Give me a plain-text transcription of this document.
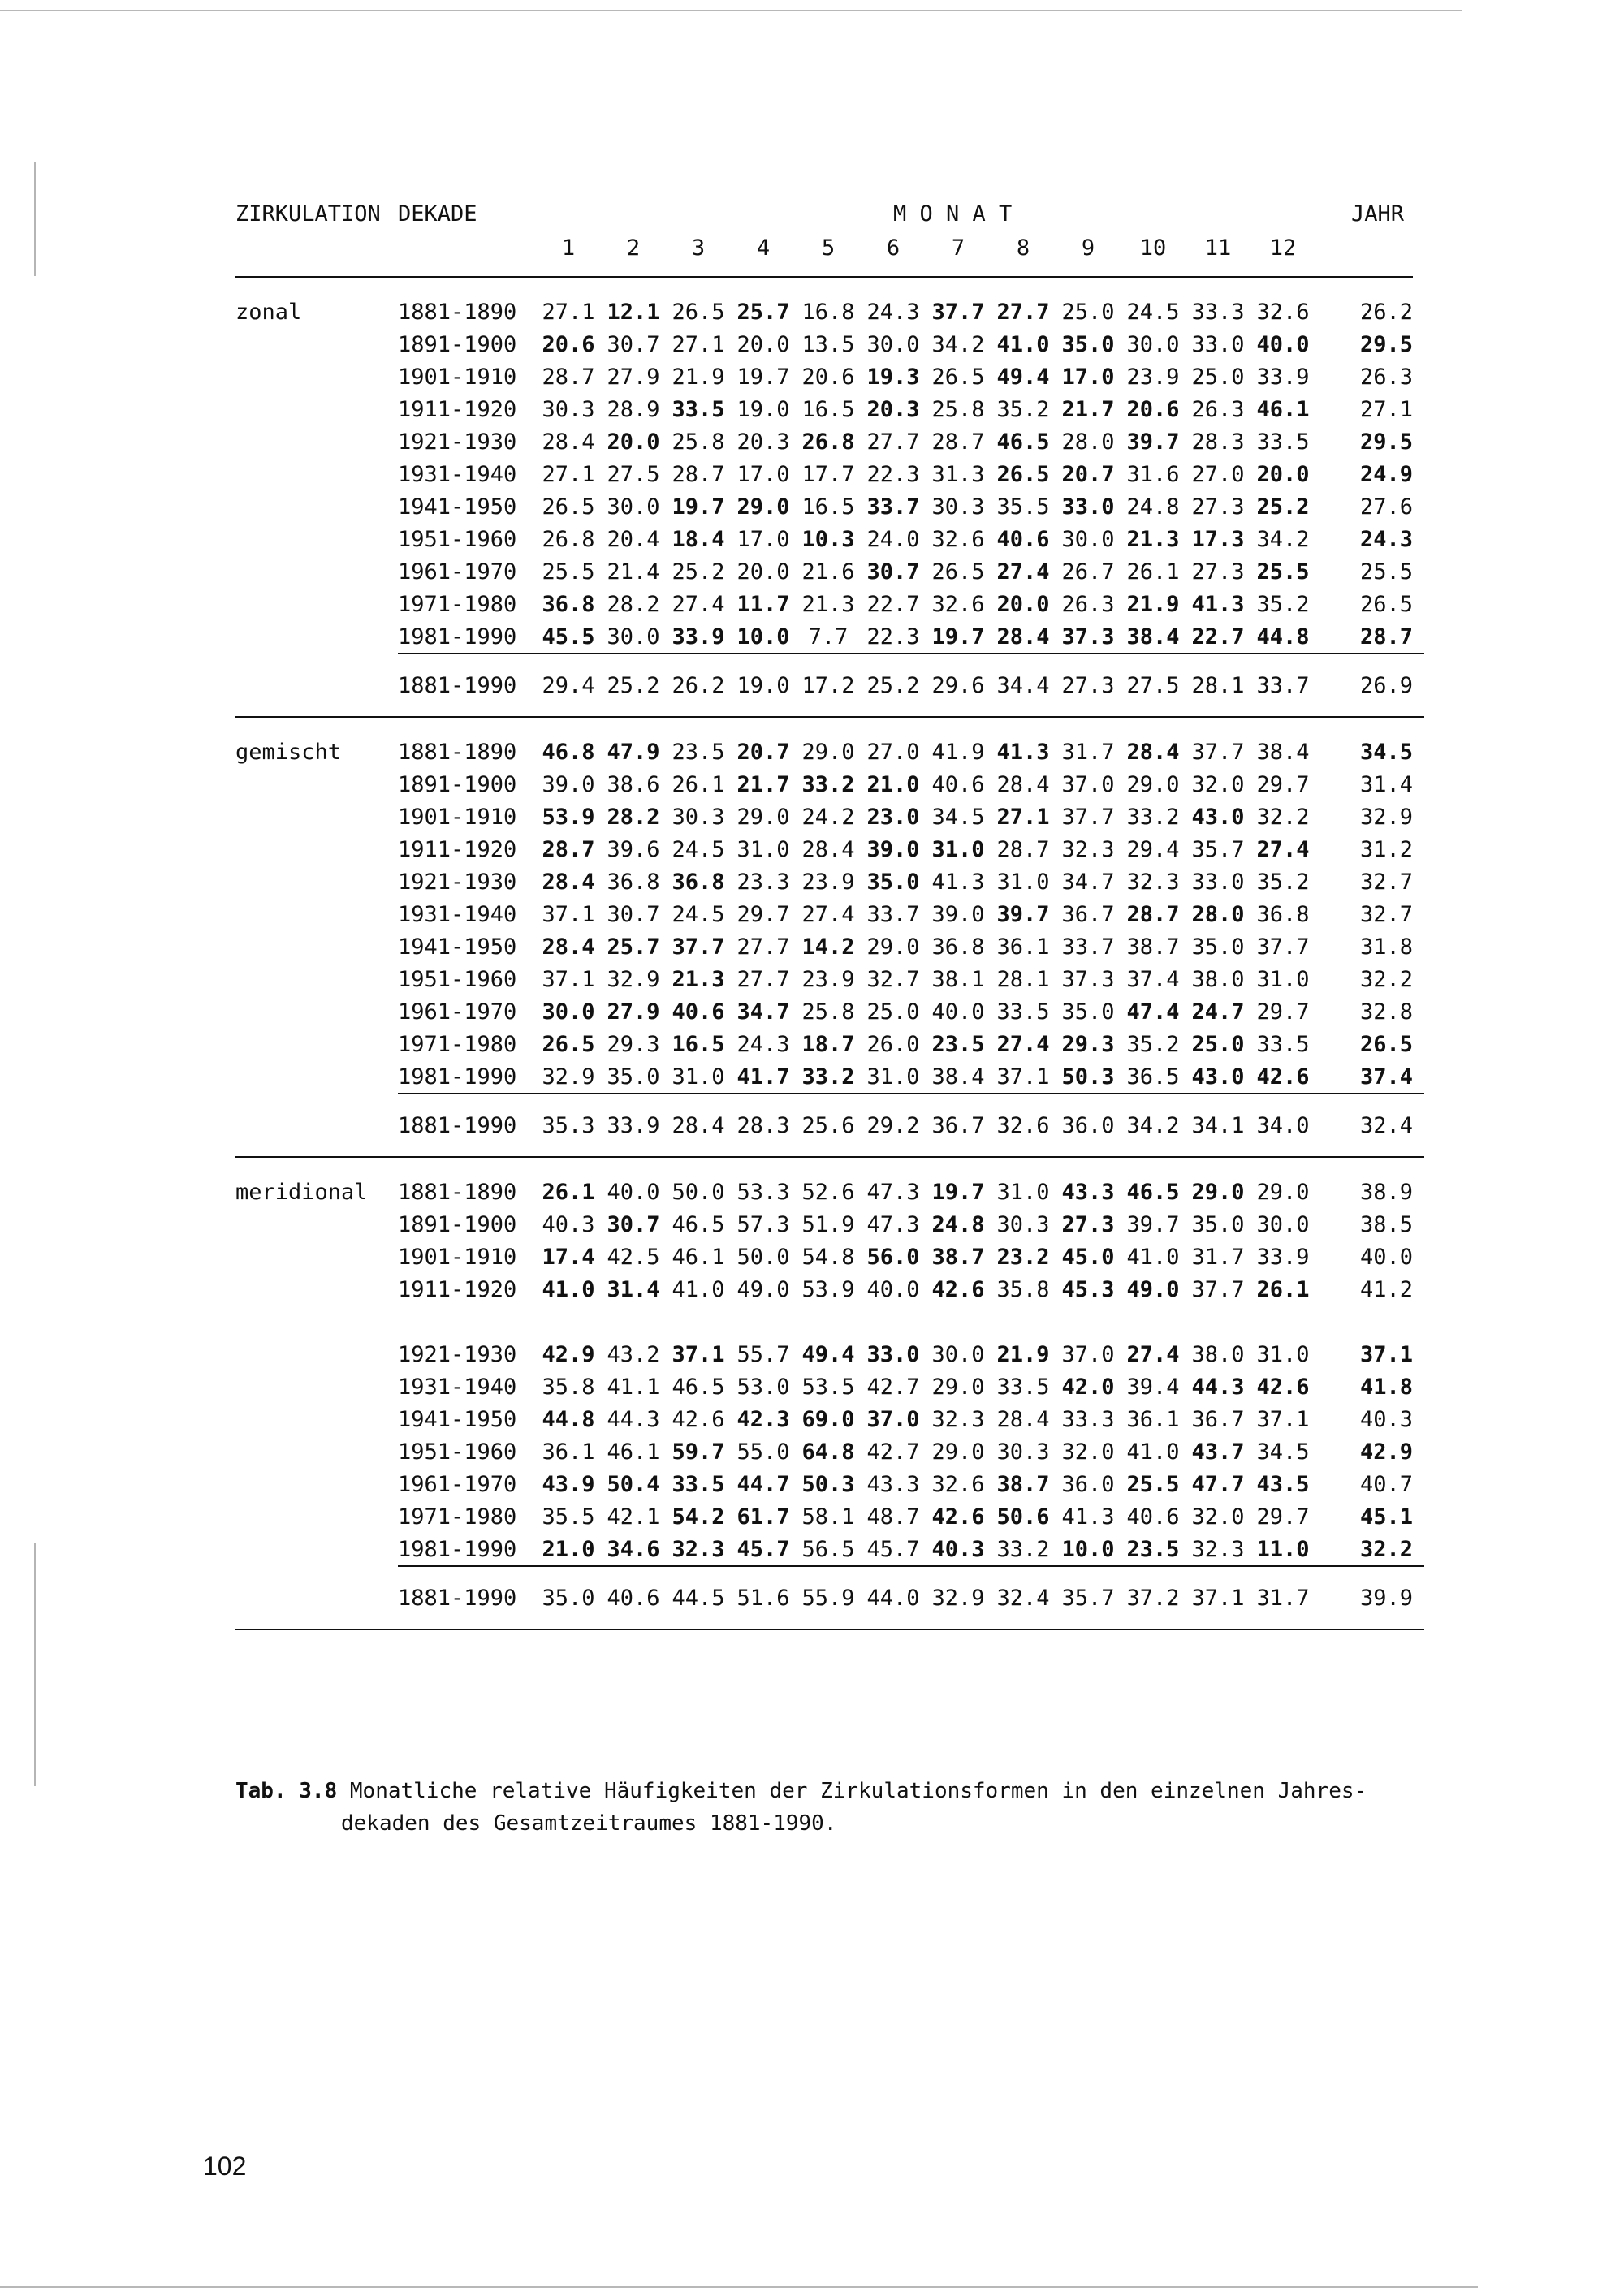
ZIRKULATION DEKADE	M O N A T	JAHR
1	2	3	4	5	6	7	8	9	10	11	12
zonal	1881-1890	27.1	12.1	26.5	25.7	16.8	24.3	37.7	27.7	25.0	24.5	33.3	32.6	26.2
	1891-1900	20.6	30.7	27.1	20.0	13.5	30.0	34.2	41.0	35.0	30.0	33.0	40.0	29.5
	1901-1910	28.7	27.9	21.9	19.7	20.6	19.3	26.5	49.4	17.0	23.9	25.0	33.9	26.3
	1911-1920	30.3	28.9	33.5	19.0	16.5	20.3	25.8	35.2	21.7	20.6	26.3	46.1	27.1
	1921-1930	28.4	20.0	25.8	20.3	26.8	27.7	28.7	46.5	28.0	39.7	28.3	33.5	29.5
	1931-1940	27.1	27.5	28.7	17.0	17.7	22.3	31.3	26.5	20.7	31.6	27.0	20.0	24.9
	1941-1950	26.5	30.0	19.7	29.0	16.5	33.7	30.3	35.5	33.0	24.8	27.3	25.2	27.6
	1951-1960	26.8	20.4	18.4	17.0	10.3	24.0	32.6	40.6	30.0	21.3	17.3	34.2	24.3
	1961-1970	25.5	21.4	25.2	20.0	21.6	30.7	26.5	27.4	26.7	26.1	27.3	25.5	25.5
	1971-1980	36.8	28.2	27.4	11.7	21.3	22.7	32.6	20.0	26.3	21.9	41.3	35.2	26.5
	1981-1990	45.5	30.0	33.9	10.0	7.7	22.3	19.7	28.4	37.3	38.4	22.7	44.8	28.7

	1881-1990	29.4	25.2	26.2	19.0	17.2	25.2	29.6	34.4	27.3	27.5	28.1	33.7	26.9

gemischt	1881-1890	46.8	47.9	23.5	20.7	29.0	27.0	41.9	41.3	31.7	28.4	37.7	38.4	34.5
	1891-1900	39.0	38.6	26.1	21.7	33.2	21.0	40.6	28.4	37.0	29.0	32.0	29.7	31.4
	1901-1910	53.9	28.2	30.3	29.0	24.2	23.0	34.5	27.1	37.7	33.2	43.0	32.2	32.9
	1911-1920	28.7	39.6	24.5	31.0	28.4	39.0	31.0	28.7	32.3	29.4	35.7	27.4	31.2
	1921-1930	28.4	36.8	36.8	23.3	23.9	35.0	41.3	31.0	34.7	32.3	33.0	35.2	32.7
	1931-1940	37.1	30.7	24.5	29.7	27.4	33.7	39.0	39.7	36.7	28.7	28.0	36.8	32.7
	1941-1950	28.4	25.7	37.7	27.7	14.2	29.0	36.8	36.1	33.7	38.7	35.0	37.7	31.8
	1951-1960	37.1	32.9	21.3	27.7	23.9	32.7	38.1	28.1	37.3	37.4	38.0	31.0	32.2
	1961-1970	30.0	27.9	40.6	34.7	25.8	25.0	40.0	33.5	35.0	47.4	24.7	29.7	32.8
	1971-1980	26.5	29.3	16.5	24.3	18.7	26.0	23.5	27.4	29.3	35.2	25.0	33.5	26.5
	1981-1990	32.9	35.0	31.0	41.7	33.2	31.0	38.4	37.1	50.3	36.5	43.0	42.6	37.4

	1881-1990	35.3	33.9	28.4	28.3	25.6	29.2	36.7	32.6	36.0	34.2	34.1	34.0	32.4

meridional	1881-1890	26.1	40.0	50.0	53.3	52.6	47.3	19.7	31.0	43.3	46.5	29.0	29.0	38.9
	1891-1900	40.3	30.7	46.5	57.3	51.9	47.3	24.8	30.3	27.3	39.7	35.0	30.0	38.5
	1901-1910	17.4	42.5	46.1	50.0	54.8	56.0	38.7	23.2	45.0	41.0	31.7	33.9	40.0
	1911-1920	41.0	31.4	41.0	49.0	53.9	40.0	42.6	35.8	45.3	49.0	37.7	26.1	41.2

	1921-1930	42.9	43.2	37.1	55.7	49.4	33.0	30.0	21.9	37.0	27.4	38.0	31.0	37.1
	1931-1940	35.8	41.1	46.5	53.0	53.5	42.7	29.0	33.5	42.0	39.4	44.3	42.6	41.8
	1941-1950	44.8	44.3	42.6	42.3	69.0	37.0	32.3	28.4	33.3	36.1	36.7	37.1	40.3
	1951-1960	36.1	46.1	59.7	55.0	64.8	42.7	29.0	30.3	32.0	41.0	43.7	34.5	42.9
	1961-1970	43.9	50.4	33.5	44.7	50.3	43.3	32.6	38.7	36.0	25.5	47.7	43.5	40.7
	1971-1980	35.5	42.1	54.2	61.7	58.1	48.7	42.6	50.6	41.3	40.6	32.0	29.7	45.1
	1981-1990	21.0	34.6	32.3	45.7	56.5	45.7	40.3	33.2	10.0	23.5	32.3	11.0	32.2

	1881-1990	35.0	40.6	44.5	51.6	55.9	44.0	32.9	32.4	35.7	37.2	37.1	31.7	39.9

Tab. 3.8 Monatliche relative Häufigkeiten der Zirkulationsformen in den einzelnen Jahres-
dekaden des Gesamtzeitraumes 1881-1990.
102
